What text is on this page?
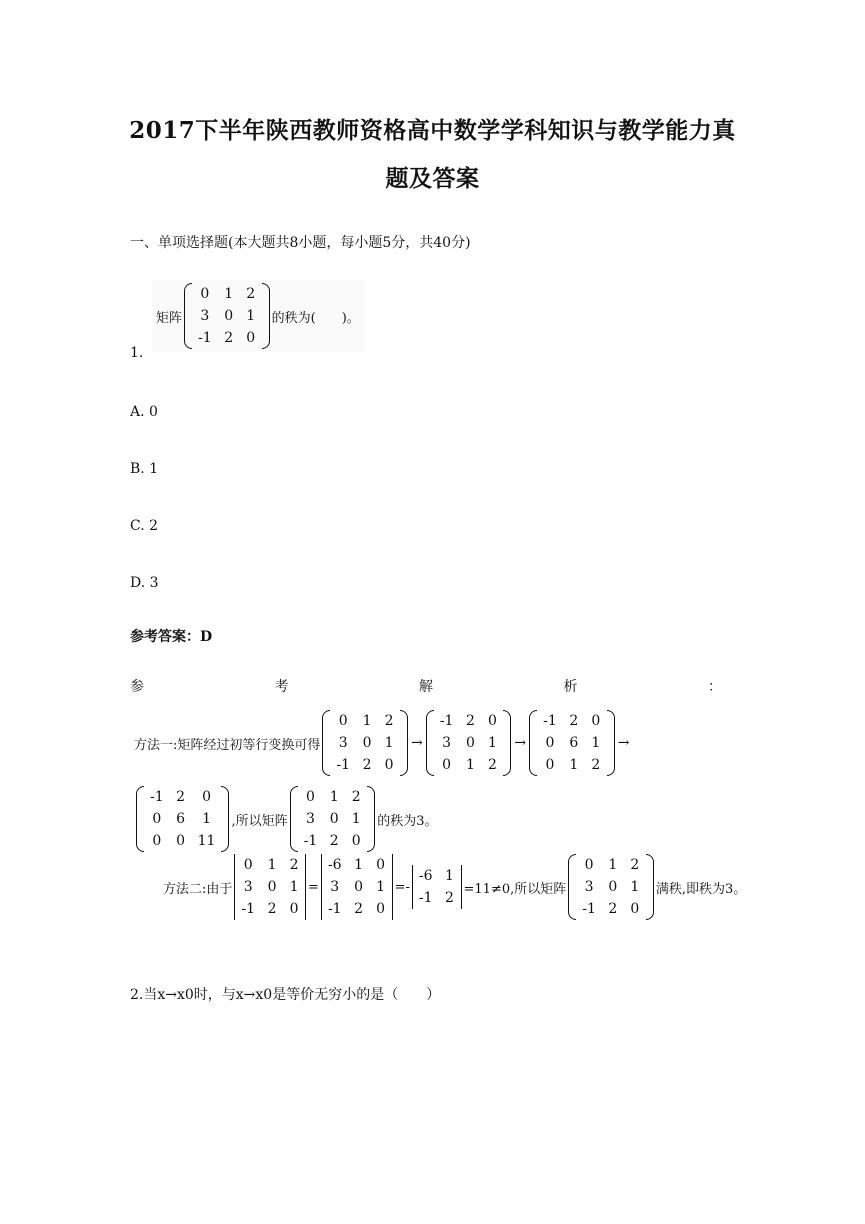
2017下半年陕西教师资格高中数学学科知识与教学能力真
题及答案
一、单项选择题(本大题共8小题，每小题5分，共40分)
1.
矩阵
0	1	2
3	0	1
-1	2	0
的秩为(　　)。
A. 0
B. 1
C. 2
D. 3
参考答案：D
参	考	解	析	：
方法一:矩阵经过初等行变换可得
0	1	2
3	0	1
-1	2	0
→
-1	2	0
3	0	1
0	1	2
→
-1	2	0
0	6	1
0	1	2
→
-1	2	0
0	6	1
0	0	11
,所以矩阵
0	1	2
3	0	1
-1	2	0
的秩为3。
方法二:由于
0	1	2
3	0	1
-1	2	0
=
-6	1	0
3	0	1
-1	2	0
=-
-6	1
-1	2
=11≠0,所以矩阵
0	1	2
3	0	1
-1	2	0
满秩,即秩为3。
2.当x→x0时，与x→x0是等价无穷小的是（　　）
